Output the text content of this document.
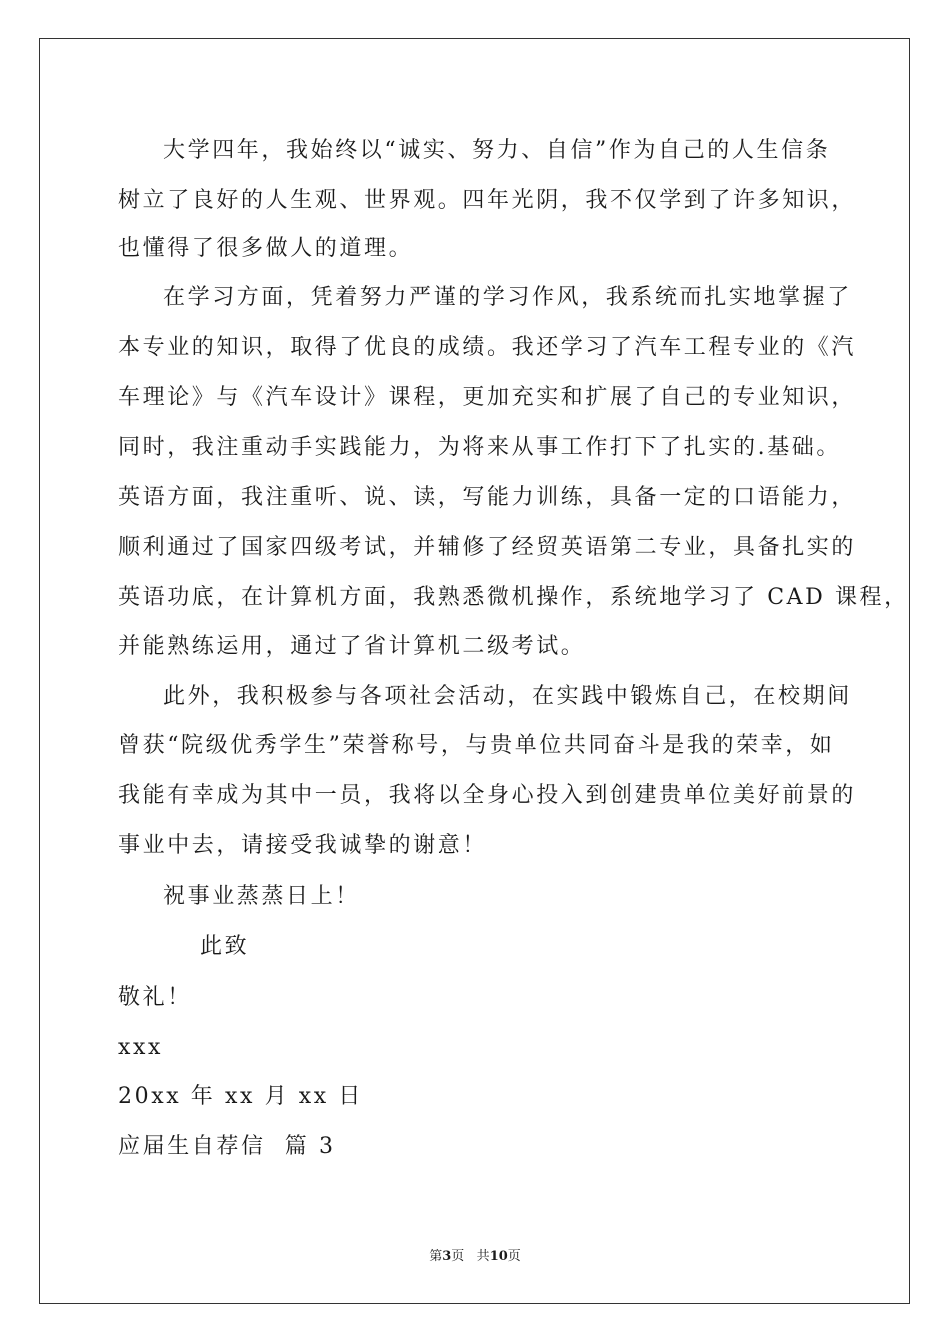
大学四年，我始终以“诚实、努力、自信”作为自己的人生信条
树立了良好的人生观、世界观。四年光阴，我不仅学到了许多知识，
也懂得了很多做人的道理。
在学习方面，凭着努力严谨的学习作风，我系统而扎实地掌握了
本专业的知识，取得了优良的成绩。我还学习了汽车工程专业的《汽
车理论》与《汽车设计》课程，更加充实和扩展了自己的专业知识，
同时，我注重动手实践能力，为将来从事工作打下了扎实的.基础。
英语方面，我注重听、说、读，写能力训练，具备一定的口语能力，
顺利通过了国家四级考试，并辅修了经贸英语第二专业，具备扎实的
英语功底，在计算机方面，我熟悉微机操作，系统地学习了 CAD 课程，
并能熟练运用，通过了省计算机二级考试。
此外，我积极参与各项社会活动，在实践中锻炼自己，在校期间
曾获“院级优秀学生”荣誉称号，与贵单位共同奋斗是我的荣幸，如
我能有幸成为其中一员，我将以全身心投入到创建贵单位美好前景的
事业中去，请接受我诚挚的谢意！
祝事业蒸蒸日上！
此致
敬礼！
xxx
20xx 年 xx 月 xx 日
应届生自荐信  篇 3
第3页 共10页
